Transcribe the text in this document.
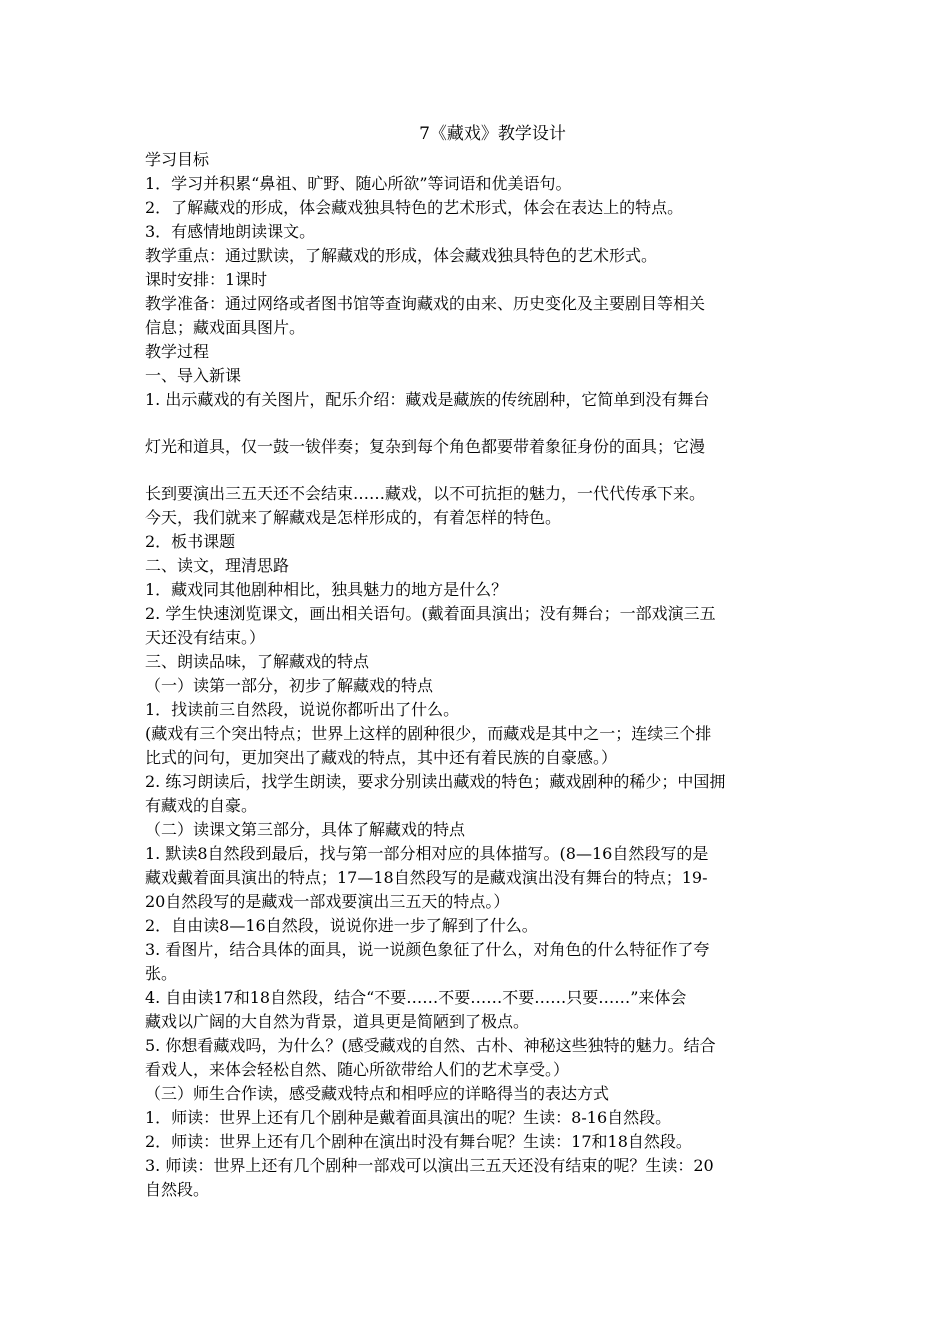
7《藏戏》教学设计
学习目标
1．学习并积累“鼻祖、旷野、随心所欲”等词语和优美语句。
2．了解藏戏的形成，体会藏戏独具特色的艺术形式，体会在表达上的特点。
3．有感情地朗读课文。
教学重点：通过默读，了解藏戏的形成，体会藏戏独具特色的艺术形式。
课时安排：1课时
教学准备：通过网络或者图书馆等查询藏戏的由来、历史变化及主要剧目等相关
信息；藏戏面具图片。
教学过程
一、导入新课
1. 出示藏戏的有关图片，配乐介绍：藏戏是藏族的传统剧种，它简单到没有舞台
灯光和道具，仅一鼓一钹伴奏；复杂到每个角色都要带着象征身份的面具；它漫
长到要演出三五天还不会结束……藏戏，以不可抗拒的魅力，一代代传承下来。
今天，我们就来了解藏戏是怎样形成的，有着怎样的特色。
2．板书课题
二、读文，理清思路
1．藏戏同其他剧种相比，独具魅力的地方是什么？
2. 学生快速浏览课文，画出相关语句。(戴着面具演出；没有舞台；一部戏演三五
天还没有结束。）
三、朗读品味，了解藏戏的特点
（一）读第一部分，初步了解藏戏的特点
1．找读前三自然段，说说你都听出了什么。
(藏戏有三个突出特点；世界上这样的剧种很少，而藏戏是其中之一；连续三个排
比式的问句，更加突出了藏戏的特点，其中还有着民族的自豪感。）
2. 练习朗读后，找学生朗读，要求分别读出藏戏的特色；藏戏剧种的稀少；中国拥
有藏戏的自豪。
（二）读课文第三部分，具体了解藏戏的特点
1. 默读8自然段到最后，找与第一部分相对应的具体描写。(8—16自然段写的是
藏戏戴着面具演出的特点；17—18自然段写的是藏戏演出没有舞台的特点；19-
20自然段写的是藏戏一部戏要演出三五天的特点。）
2．自由读8—16自然段，说说你进一步了解到了什么。
3. 看图片，结合具体的面具，说一说颜色象征了什么，对角色的什么特征作了夸
张。
4. 自由读17和18自然段，结合“不要……不要……不要……只要……”来体会
藏戏以广阔的大自然为背景，道具更是简陋到了极点。
5. 你想看藏戏吗，为什么？(感受藏戏的自然、古朴、神秘这些独特的魅力。结合
看戏人，来体会轻松自然、随心所欲带给人们的艺术享受。）
（三）师生合作读，感受藏戏特点和相呼应的详略得当的表达方式
1．师读：世界上还有几个剧种是戴着面具演出的呢？生读：8-16自然段。
2．师读：世界上还有几个剧种在演出时没有舞台呢？生读：17和18自然段。
3. 师读：世界上还有几个剧种一部戏可以演出三五天还没有结束的呢？生读：20
自然段。
